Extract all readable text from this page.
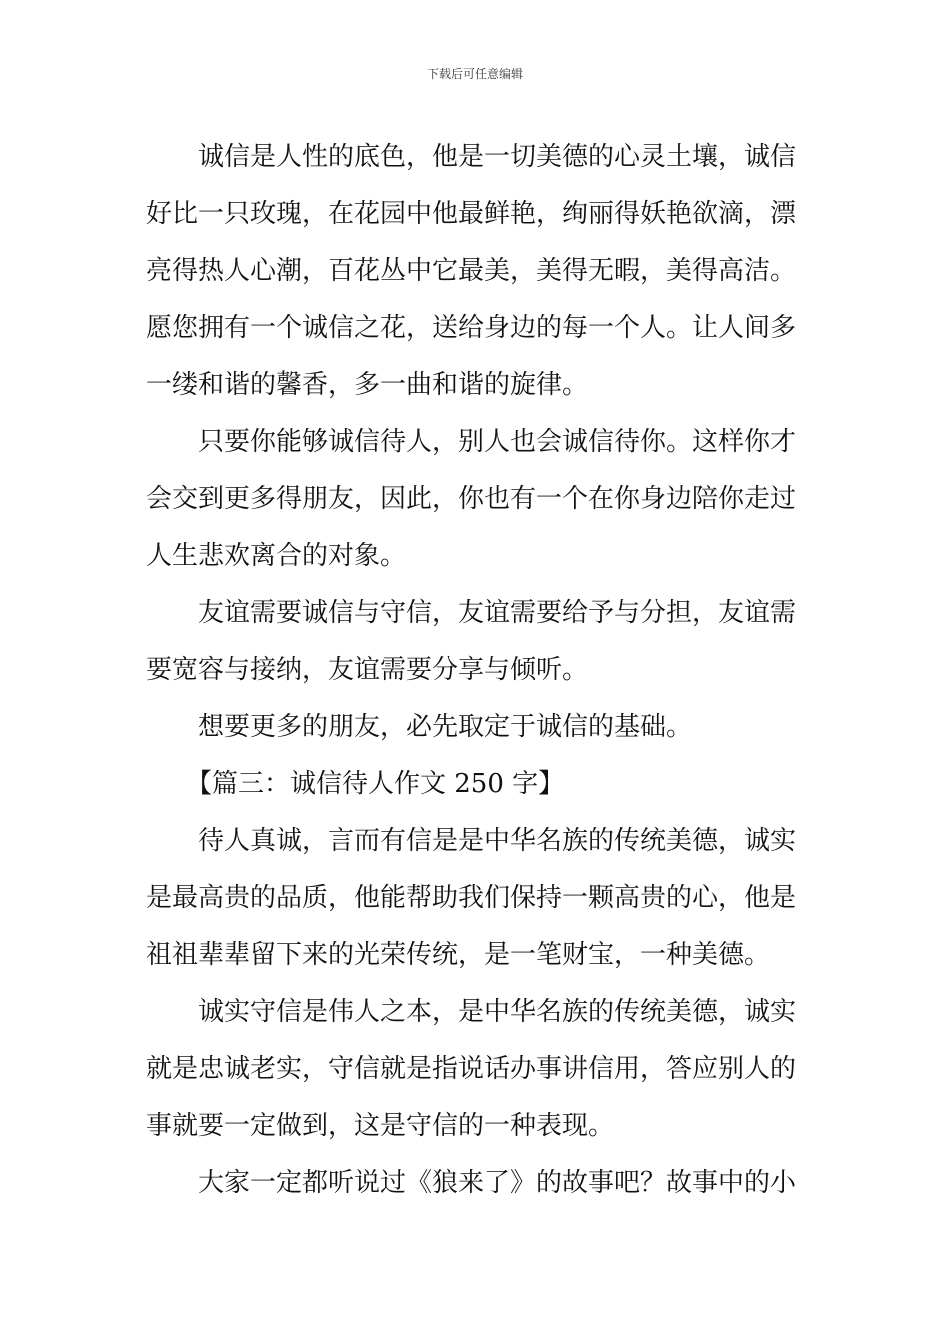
下载后可任意编辑
诚信是人性的底色，他是一切美德的心灵土壤，诚信
好比一只玫瑰，在花园中他最鲜艳，绚丽得妖艳欲滴，漂
亮得热人心潮，百花丛中它最美，美得无暇，美得高洁。
愿您拥有一个诚信之花，送给身边的每一个人。让人间多
一缕和谐的馨香，多一曲和谐的旋律。
只要你能够诚信待人，别人也会诚信待你。这样你才
会交到更多得朋友，因此，你也有一个在你身边陪你走过
人生悲欢离合的对象。
友谊需要诚信与守信，友谊需要给予与分担，友谊需
要宽容与接纳，友谊需要分享与倾听。
想要更多的朋友，必先取定于诚信的基础。
【篇三：诚信待人作文 250 字】
待人真诚，言而有信是是中华名族的传统美德，诚实
是最高贵的品质，他能帮助我们保持一颗高贵的心，他是
祖祖辈辈留下来的光荣传统，是一笔财宝，一种美德。
诚实守信是伟人之本，是中华名族的传统美德，诚实
就是忠诚老实，守信就是指说话办事讲信用，答应别人的
事就要一定做到，这是守信的一种表现。
大家一定都听说过《狼来了》的故事吧？故事中的小
